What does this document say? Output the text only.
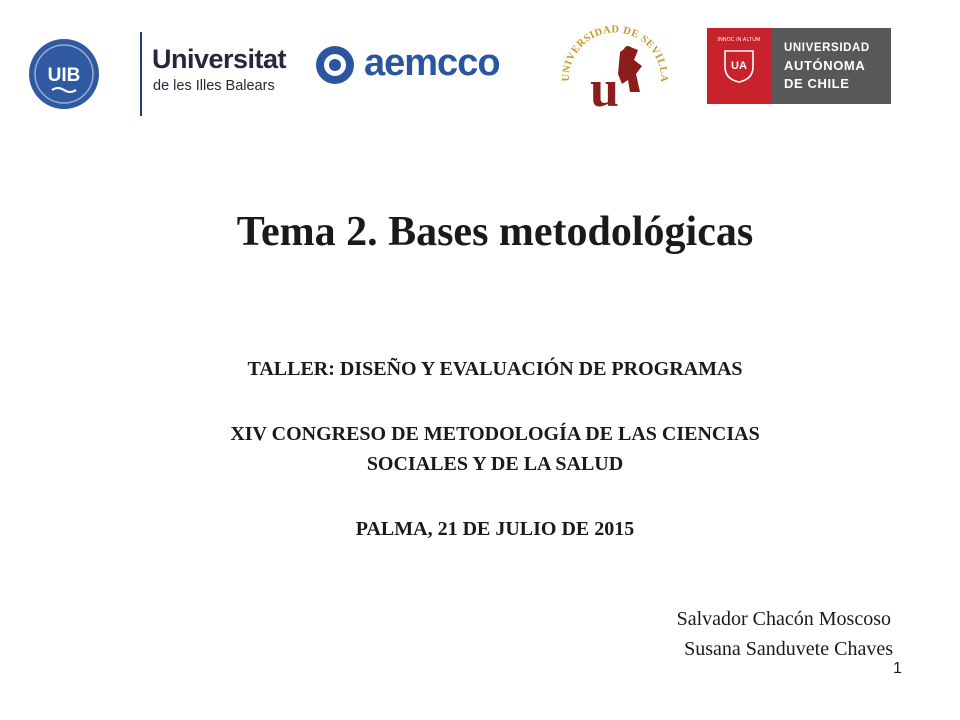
UIB
Universitat
de les Illes Balears
aemcco	UNIVERSIDAD DE SEVILLA
u
INNOC IN ALTUM
UA
UNIVERSIDAD
AUTÓNOMA
DE CHILE
Tema 2. Bases metodológicas
TALLER: DISEÑO Y EVALUACIÓN DE PROGRAMAS
XIV CONGRESO DE METODOLOGÍA DE LAS CIENCIAS
SOCIALES Y DE LA SALUD
PALMA, 21 DE JULIO DE 2015
Salvador Chacón Moscoso
Susana Sanduvete Chaves
1
